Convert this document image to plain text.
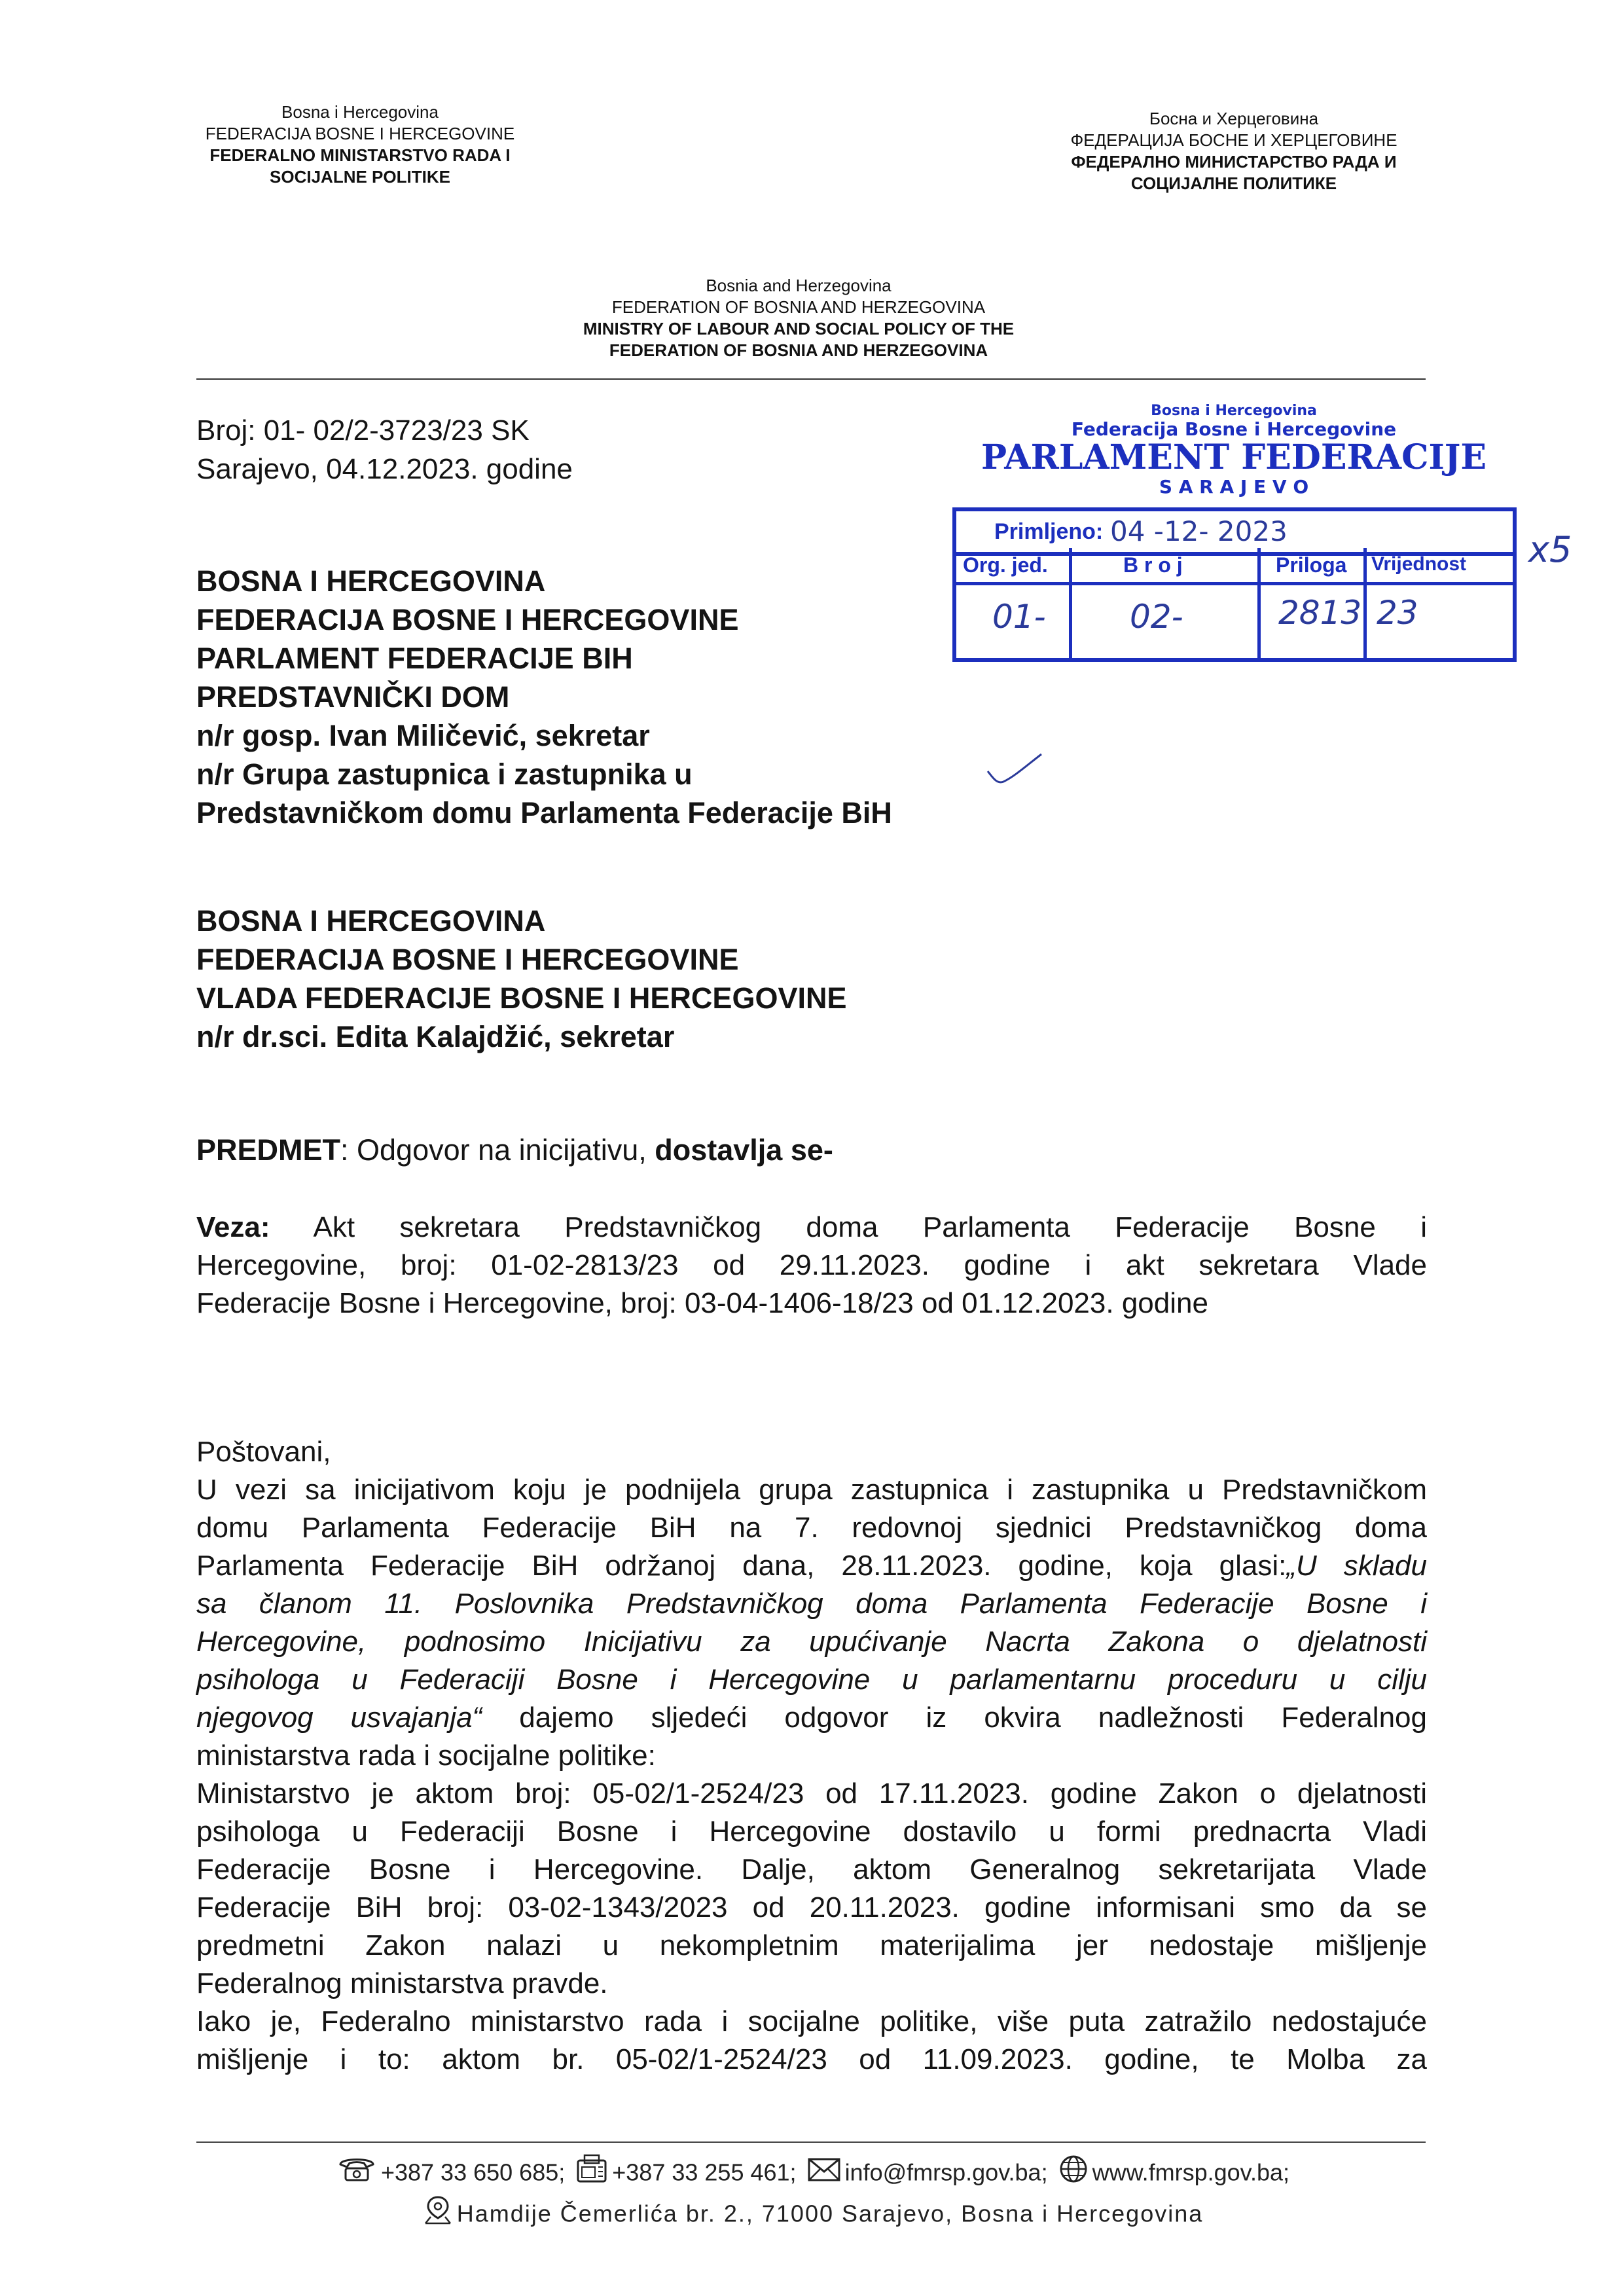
Bosna i Hercegovina
FEDERACIJA BOSNE I HERCEGOVINE
FEDERALNO MINISTARSTVO RADA I
SOCIJALNE POLITIKE
Босна и Херцеговина
ФЕДЕРАЦИЈА БОСНЕ И ХЕРЦЕГОВИНЕ
ФЕДЕРАЛНО МИНИСТАРСТВО РАДА И
СОЦИЈАЛНЕ ПОЛИТИКЕ
Bosnia and Herzegovina
FEDERATION OF BOSNIA AND HERZEGOVINA
MINISTRY OF LABOUR AND SOCIAL POLICY OF THE
FEDERATION OF BOSNIA AND HERZEGOVINA
Broj: 01- 02/2-3723/23 SK
Sarajevo, 04.12.2023. godine
Bosna i Hercegovina
Federacija Bosne i Hercegovine
PARLAMENT FEDERACIJE
S A R A J E V O
Primljeno: 04 -12- 2023
Org. jed.	B r o j	Priloga Vrijednost
01-	02-	2813 23
x5
BOSNA I HERCEGOVINA
FEDERACIJA BOSNE I HERCEGOVINE
PARLAMENT FEDERACIJE BIH
PREDSTAVNIČKI DOM
n/r gosp. Ivan Miličević, sekretar
n/r Grupa zastupnica i zastupnika u
Predstavničkom domu Parlamenta Federacije BiH
BOSNA I HERCEGOVINA
FEDERACIJA BOSNE I HERCEGOVINE
VLADA FEDERACIJE BOSNE I HERCEGOVINE
n/r dr.sci. Edita Kalajdžić, sekretar
PREDMET: Odgovor na inicijativu, dostavlja se-
Veza: Akt sekretara Predstavničkog doma Parlamenta Federacije Bosne i
Hercegovine, broj: 01-02-2813/23 od 29.11.2023. godine i akt sekretara Vlade
Federacije Bosne i Hercegovine, broj: 03-04-1406-18/23 od 01.12.2023. godine
Poštovani,
U vezi sa inicijativom koju je podnijela grupa zastupnica i zastupnika u Predstavničkom
domu Parlamenta Federacije BiH na 7. redovnoj sjednici Predstavničkog doma
Parlamenta Federacije BiH održanoj dana, 28.11.2023. godine, koja glasi:„U skladu
sa članom 11. Poslovnika Predstavničkog doma Parlamenta Federacije Bosne i
Hercegovine, podnosimo Inicijativu za upućivanje Nacrta Zakona o djelatnosti
psihologa u Federaciji Bosne i Hercegovine u parlamentarnu proceduru u cilju
njegovog usvajanja“ dajemo sljedeći odgovor iz okvira nadležnosti Federalnog
ministarstva rada i socijalne politike:
Ministarstvo je aktom broj: 05-02/1-2524/23 od 17.11.2023. godine Zakon o djelatnosti
psihologa u Federaciji Bosne i Hercegovine dostavilo u formi prednacrta Vladi
Federacije Bosne i Hercegovine. Dalje, aktom Generalnog sekretarijata Vlade
Federacije BiH broj: 03-02-1343/2023 od 20.11.2023. godine informisani smo da se
predmetni Zakon nalazi u nekompletnim materijalima jer nedostaje mišljenje
Federalnog ministarstva pravde.
Iako je, Federalno ministarstvo rada i socijalne politike, više puta zatražilo nedostajuće
mišljenje i to: aktom br. 05-02/1-2524/23 od 11.09.2023. godine, te Molba za
+387 33 650 685; +387 33 255 461; info@fmrsp.gov.ba; www.fmrsp.gov.ba;
Hamdije Čemerlića br. 2., 71000 Sarajevo, Bosna i Hercegovina
